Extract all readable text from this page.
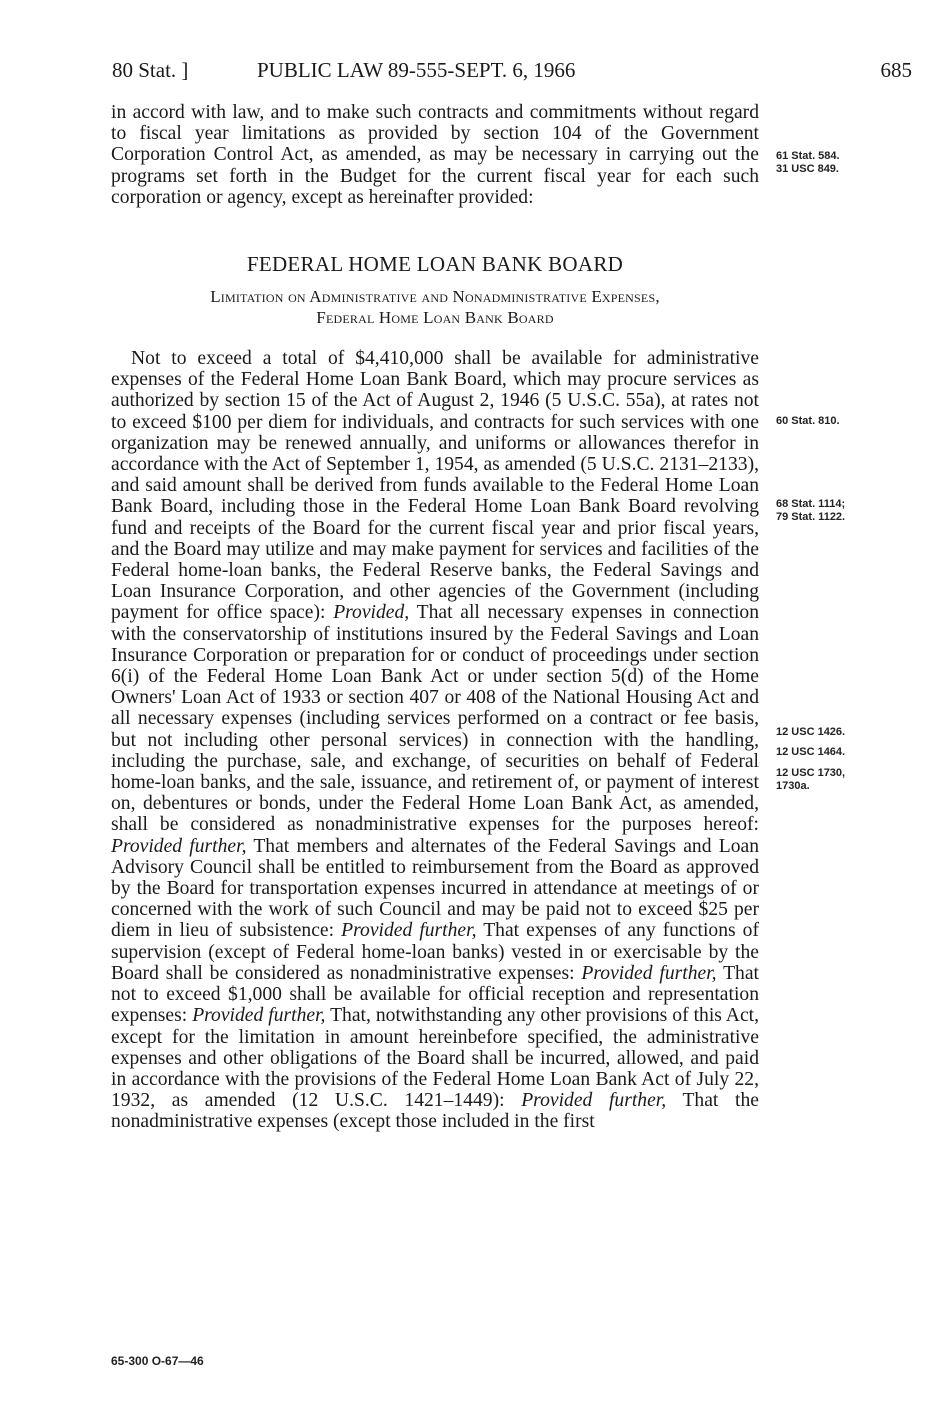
80 Stat. ]	PUBLIC LAW 89-555-SEPT. 6, 1966	685
in accord with law, and to make such contracts and commitments without regard to fiscal year limitations as provided by section 104 of the Government Corporation Control Act, as amended, as may be necessary in carrying out the programs set forth in the Budget for the current fiscal year for each such corporation or agency, except as hereinafter provided:
FEDERAL HOME LOAN BANK BOARD
Limitation on Administrative and Nonadministrative Expenses,
Federal Home Loan Bank Board
Not to exceed a total of $4,410,000 shall be available for administrative expenses of the Federal Home Loan Bank Board, which may procure services as authorized by section 15 of the Act of August 2, 1946 (5 U.S.C. 55a), at rates not to exceed $100 per diem for individuals, and contracts for such services with one organization may be renewed annually, and uniforms or allowances therefor in accordance with the Act of September 1, 1954, as amended (5 U.S.C. 2131–2133), and said amount shall be derived from funds available to the Federal Home Loan Bank Board, including those in the Federal Home Loan Bank Board revolving fund and receipts of the Board for the current fiscal year and prior fiscal years, and the Board may utilize and may make payment for services and facilities of the Federal home-loan banks, the Federal Reserve banks, the Federal Savings and Loan Insurance Corporation, and other agencies of the Government (including payment for office space): Provided, That all necessary expenses in connection with the conservatorship of institutions insured by the Federal Savings and Loan Insurance Corporation or preparation for or conduct of proceedings under section 6(i) of the Federal Home Loan Bank Act or under section 5(d) of the Home Owners' Loan Act of 1933 or section 407 or 408 of the National Housing Act and all necessary expenses (including services performed on a contract or fee basis, but not including other personal services) in connection with the handling, including the purchase, sale, and exchange, of securities on behalf of Federal home-loan banks, and the sale, issuance, and retirement of, or payment of interest on, debentures or bonds, under the Federal Home Loan Bank Act, as amended, shall be considered as nonadministrative expenses for the purposes hereof: Provided further, That members and alternates of the Federal Savings and Loan Advisory Council shall be entitled to reimbursement from the Board as approved by the Board for transportation expenses incurred in attendance at meetings of or concerned with the work of such Council and may be paid not to exceed $25 per diem in lieu of subsistence: Provided further, That expenses of any functions of supervision (except of Federal home-loan banks) vested in or exercisable by the Board shall be considered as nonadministrative expenses: Provided further, That not to exceed $1,000 shall be available for official reception and representation expenses: Provided further, That, notwithstanding any other provisions of this Act, except for the limitation in amount hereinbefore specified, the administrative expenses and other obligations of the Board shall be incurred, allowed, and paid in accordance with the provisions of the Federal Home Loan Bank Act of July 22, 1932, as amended (12 U.S.C. 1421–1449): Provided further, That the nonadministrative expenses (except those included in the first
61 Stat. 584.
31 USC 849.
60 Stat. 810.
68 Stat. 1114;
79 Stat. 1122.
12 USC 1426.
12 USC 1464.
12 USC 1730,
1730a.
65-300 O-67—46
